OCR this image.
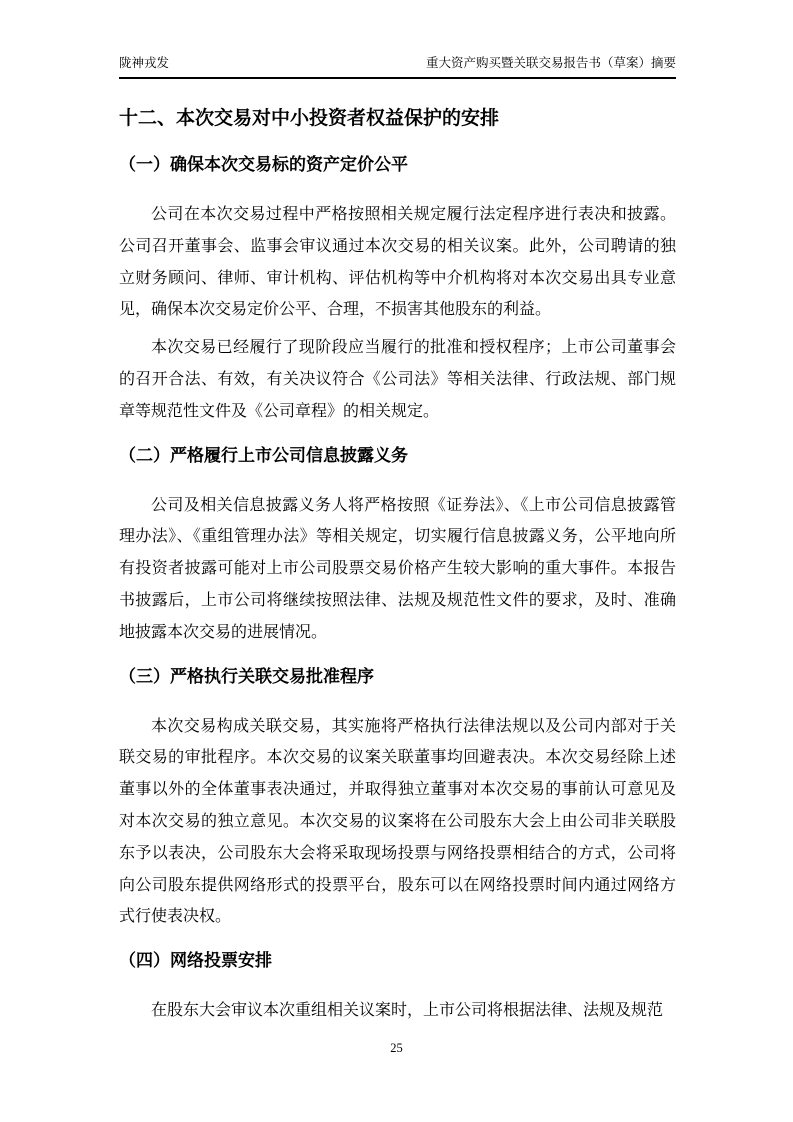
陇神戎发	重大资产购买暨关联交易报告书（草案）摘要
十二、本次交易对中小投资者权益保护的安排
（一）确保本次交易标的资产定价公平

公司在本次交易过程中严格按照相关规定履行法定程序进行表决和披露。公司召开董事会、监事会审议通过本次交易的相关议案。此外，公司聘请的独立财务顾问、律师、审计机构、评估机构等中介机构将对本次交易出具专业意见，确保本次交易定价公平、合理，不损害其他股东的利益。

本次交易已经履行了现阶段应当履行的批准和授权程序；上市公司董事会的召开合法、有效，有关决议符合《公司法》等相关法律、行政法规、部门规章等规范性文件及《公司章程》的相关规定。

（二）严格履行上市公司信息披露义务

公司及相关信息披露义务人将严格按照《证券法》、《上市公司信息披露管理办法》、《重组管理办法》等相关规定，切实履行信息披露义务，公平地向所有投资者披露可能对上市公司股票交易价格产生较大影响的重大事件。本报告书披露后，上市公司将继续按照法律、法规及规范性文件的要求，及时、准确地披露本次交易的进展情况。

（三）严格执行关联交易批准程序

本次交易构成关联交易，其实施将严格执行法律法规以及公司内部对于关联交易的审批程序。本次交易的议案关联董事均回避表决。本次交易经除上述董事以外的全体董事表决通过，并取得独立董事对本次交易的事前认可意见及对本次交易的独立意见。本次交易的议案将在公司股东大会上由公司非关联股东予以表决，公司股东大会将采取现场投票与网络投票相结合的方式，公司将向公司股东提供网络形式的投票平台，股东可以在网络投票时间内通过网络方式行使表决权。

（四）网络投票安排

在股东大会审议本次重组相关议案时，上市公司将根据法律、法规及规范

25
